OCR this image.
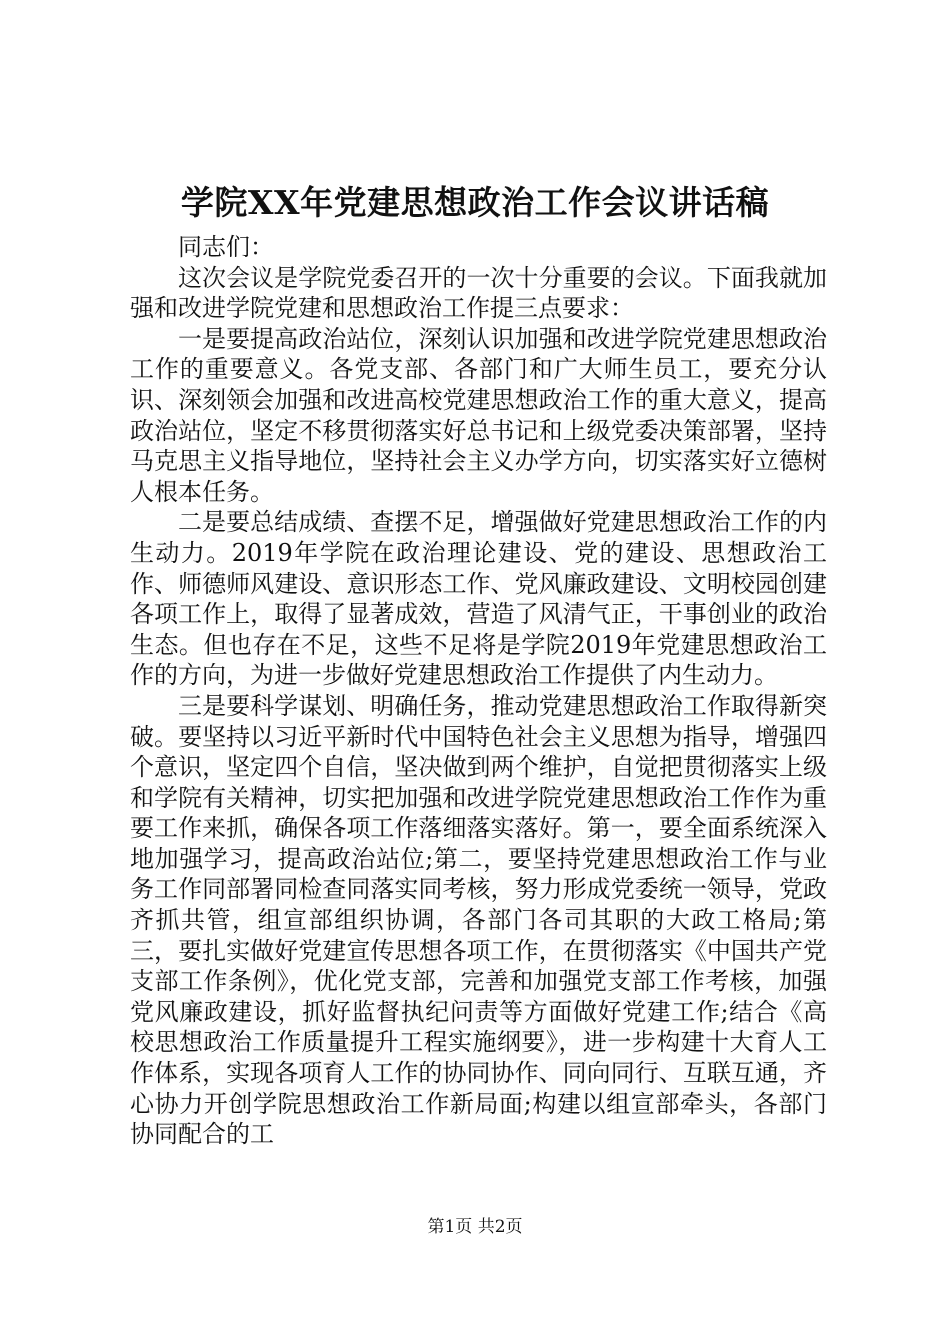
学院XX年党建思想政治工作会议讲话稿

同志们：

这次会议是学院党委召开的一次十分重要的会议。下面我就加强和改进学院党建和思想政治工作提三点要求：

一是要提高政治站位，深刻认识加强和改进学院党建思想政治工作的重要意义。各党支部、各部门和广大师生员工，要充分认识、深刻领会加强和改进高校党建思想政治工作的重大意义，提高政治站位，坚定不移贯彻落实好总书记和上级党委决策部署，坚持马克思主义指导地位，坚持社会主义办学方向，切实落实好立德树人根本任务。

二是要总结成绩、查摆不足，增强做好党建思想政治工作的内生动力。2019年学院在政治理论建设、党的建设、思想政治工作、师德师风建设、意识形态工作、党风廉政建设、文明校园创建各项工作上，取得了显著成效，营造了风清气正，干事创业的政治生态。但也存在不足，这些不足将是学院2019年党建思想政治工作的方向，为进一步做好党建思想政治工作提供了内生动力。

三是要科学谋划、明确任务，推动党建思想政治工作取得新突破。要坚持以习近平新时代中国特色社会主义思想为指导，增强四个意识，坚定四个自信，坚决做到两个维护，自觉把贯彻落实上级和学院有关精神，切实把加强和改进学院党建思想政治工作作为重要工作来抓，确保各项工作落细落实落好。第一，要全面系统深入地加强学习，提高政治站位;第二，要坚持党建思想政治工作与业务工作同部署同检查同落实同考核，努力形成党委统一领导，党政齐抓共管，组宣部组织协调，各部门各司其职的大政工格局;第三，要扎实做好党建宣传思想各项工作，在贯彻落实《中国共产党支部工作条例》，优化党支部，完善和加强党支部工作考核，加强党风廉政建设，抓好监督执纪问责等方面做好党建工作;结合《高校思想政治工作质量提升工程实施纲要》，进一步构建十大育人工作体系，实现各项育人工作的协同协作、同向同行、互联互通，齐心协力开创学院思想政治工作新局面;构建以组宣部牵头，各部门协同配合的工

第1页 共2页
